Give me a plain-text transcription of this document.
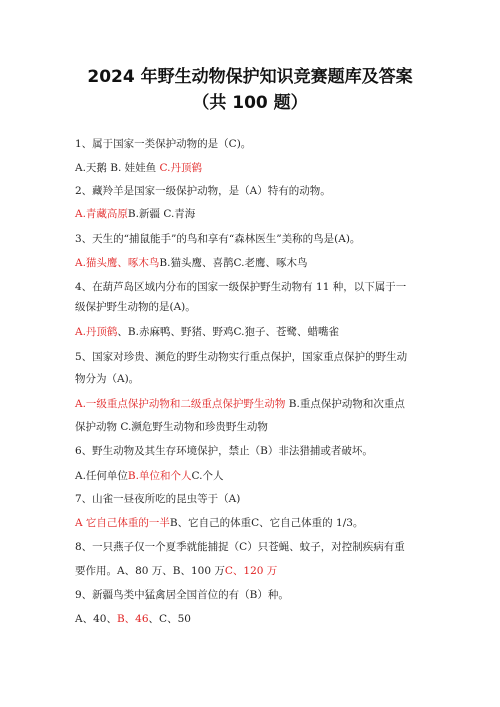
2024 年野生动物保护知识竞赛题库及答案
（共 100 题）
1、属于国家一类保护动物的是（C)。
A.天鹅 B. 娃娃鱼 C.丹顶鹤
2、藏羚羊是国家一级保护动物，是（A）特有的动物。
A.青藏高原B.新疆 C.青海
3、天生的“捕鼠能手”的鸟和享有“森林医生”美称的鸟是(A)。
A.猫头鹰、啄木鸟B.猫头鹰、喜鹊C.老鹰、啄木鸟
4、在葫芦岛区域内分布的国家一级保护野生动物有 11 种，以下属于一
级保护野生动物的是(A)。
A.丹顶鹤、B.赤麻鸭、野猪、野鸡C.狍子、苍鹭、蜡嘴雀
5、国家对珍贵、濒危的野生动物实行重点保护，国家重点保护的野生动
物分为（A)。
A.一级重点保护动物和二级重点保护野生动物 B.重点保护动物和次重点
保护动物 C.濒危野生动物和珍贵野生动物
6、野生动物及其生存环境保护，禁止（B）非法猎捕或者破坏。
A.任何单位B.单位和个人C.个人
7、山雀一昼夜所吃的昆虫等于（A)
A 它自己体重的一半B、它自己的体重C、它自己体重的 1/3。
8、一只燕子仅一个夏季就能捕捉（C）只苍蝇、蚊子，对控制疾病有重
要作用。A、80 万、B、100 万C、120 万
9、新疆鸟类中猛禽居全国首位的有（B）种。
A、40、B、46、C、50
